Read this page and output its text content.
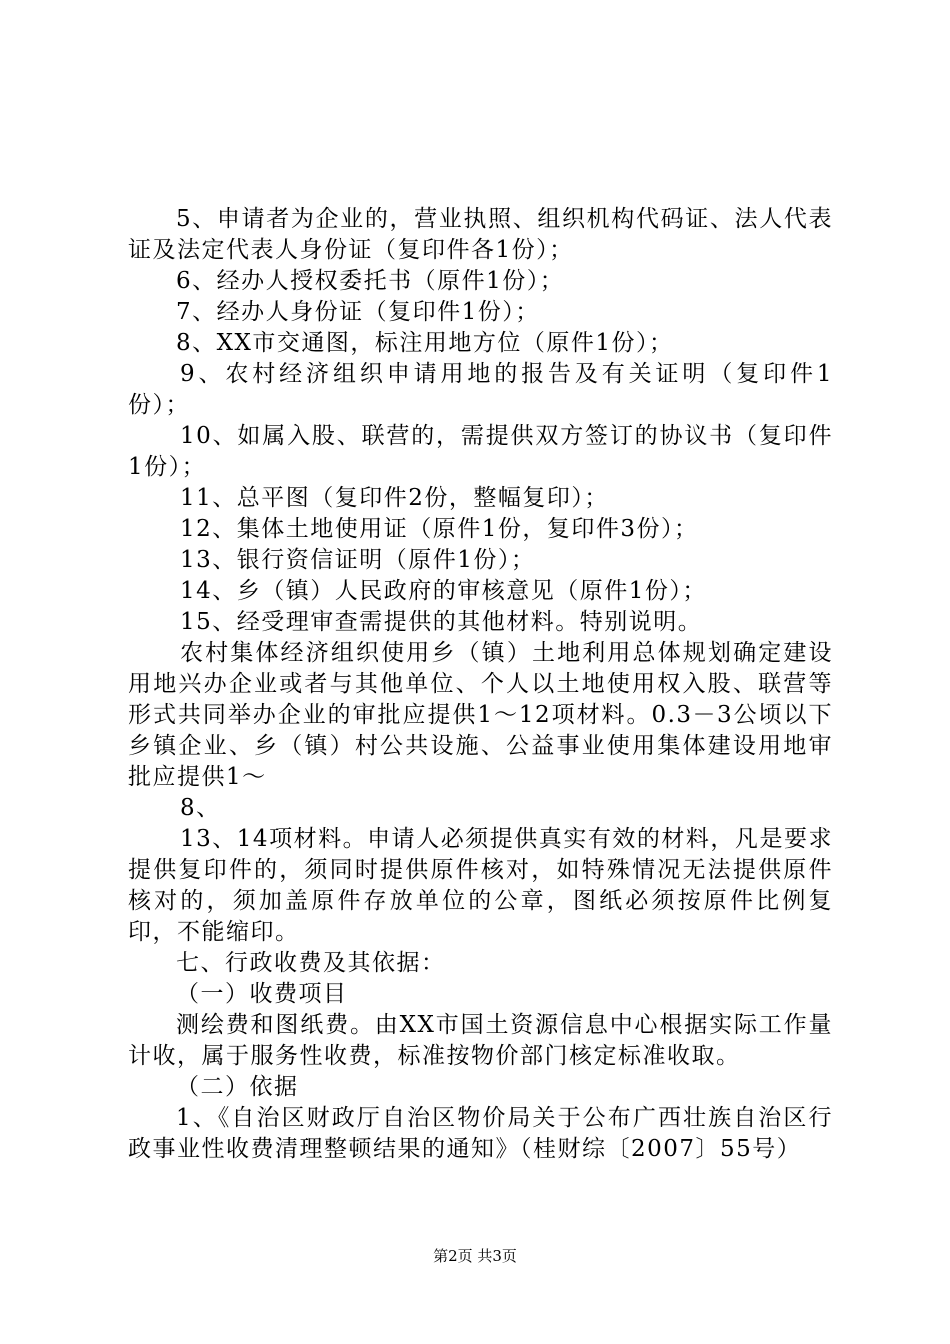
5、申请者为企业的，营业执照、组织机构代码证、法人代表证及法定代表人身份证（复印件各1份）；

6、经办人授权委托书（原件1份）；

7、经办人身份证（复印件1份）；

8、XX市交通图，标注用地方位（原件1份）；

9、农村经济组织申请用地的报告及有关证明（复印件1份）；

10、如属入股、联营的，需提供双方签订的协议书（复印件1份）；

11、总平图（复印件2份，整幅复印）；

12、集体土地使用证（原件1份，复印件3份）；

13、银行资信证明（原件1份）；

14、乡（镇）人民政府的审核意见（原件1份）；

15、经受理审查需提供的其他材料。特别说明。

农村集体经济组织使用乡（镇）土地利用总体规划确定建设用地兴办企业或者与其他单位、个人以土地使用权入股、联营等形式共同举办企业的审批应提供1～12项材料。0.3－3公顷以下乡镇企业、乡（镇）村公共设施、公益事业使用集体建设用地审批应提供1～

8、

13、14项材料。申请人必须提供真实有效的材料，凡是要求提供复印件的，须同时提供原件核对，如特殊情况无法提供原件核对的，须加盖原件存放单位的公章，图纸必须按原件比例复印，不能缩印。

七、行政收费及其依据：

（一）收费项目

测绘费和图纸费。由XX市国土资源信息中心根据实际工作量计收，属于服务性收费，标准按物价部门核定标准收取。

（二）依据

1、《自治区财政厅自治区物价局关于公布广西壮族自治区行政事业性收费清理整顿结果的通知》（桂财综〔2007〕55号）

第2页 共3页
